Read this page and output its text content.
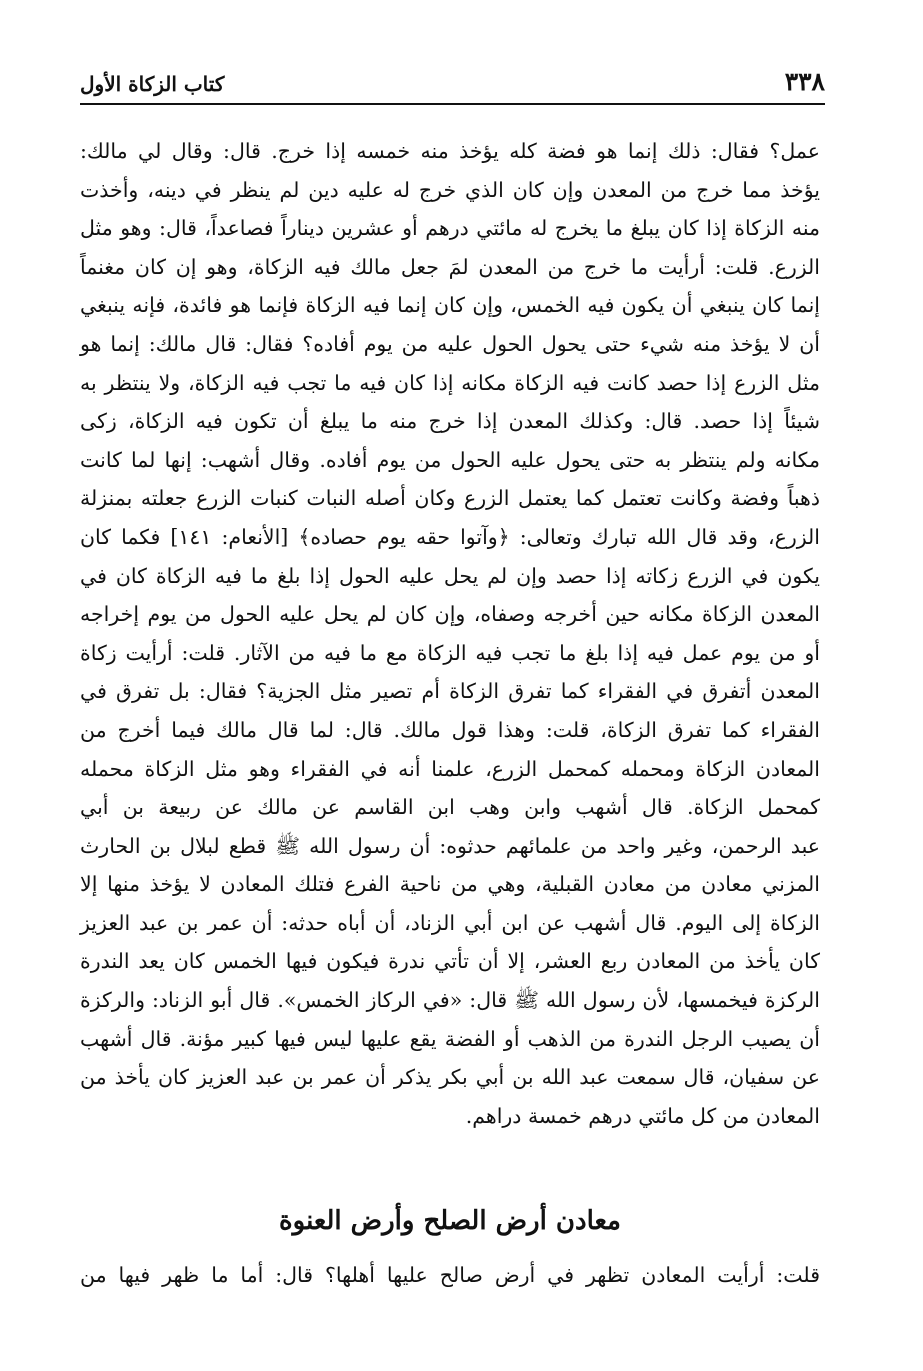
٣٣٨
كتاب الزكاة الأول
عمل؟ فقال: ذلك إنما هو فضة كله يؤخذ منه خمسه إذا خرج. قال: وقال لي مالك:
يؤخذ مما خرج من المعدن وإن كان الذي خرج له عليه دين لم ينظر في دينه، وأخذت
منه الزكاة إذا كان يبلغ ما يخرج له مائتي درهم أو عشرين ديناراً فصاعداً، قال: وهو مثل
الزرع. قلت: أرأيت ما خرج من المعدن لمَ جعل مالك فيه الزكاة، وهو إن كان مغنماً
إنما كان ينبغي أن يكون فيه الخمس، وإن كان إنما فيه الزكاة فإنما هو فائدة، فإنه ينبغي
أن لا يؤخذ منه شيء حتى يحول الحول عليه من يوم أفاده؟ فقال: قال مالك: إنما هو
مثل الزرع إذا حصد كانت فيه الزكاة مكانه إذا كان فيه ما تجب فيه الزكاة، ولا ينتظر به
شيئاً إذا حصد. قال: وكذلك المعدن إذا خرج منه ما يبلغ أن تكون فيه الزكاة، زكى
مكانه ولم ينتظر به حتى يحول عليه الحول من يوم أفاده. وقال أشهب: إنها لما كانت
ذهباً وفضة وكانت تعتمل كما يعتمل الزرع وكان أصله النبات كنبات الزرع جعلته بمنزلة
الزرع، وقد قال الله تبارك وتعالى: ﴿وآتوا حقه يوم حصاده﴾ [الأنعام: ١٤١] فكما كان
يكون في الزرع زكاته إذا حصد وإن لم يحل عليه الحول إذا بلغ ما فيه الزكاة كان في
المعدن الزكاة مكانه حين أخرجه وصفاه، وإن كان لم يحل عليه الحول من يوم إخراجه
أو من يوم عمل فيه إذا بلغ ما تجب فيه الزكاة مع ما فيه من الآثار. قلت: أرأيت زكاة
المعدن أتفرق في الفقراء كما تفرق الزكاة أم تصير مثل الجزية؟ فقال: بل تفرق في
الفقراء كما تفرق الزكاة، قلت: وهذا قول مالك. قال: لما قال مالك فيما أخرج من
المعادن الزكاة ومحمله كمحمل الزرع، علمنا أنه في الفقراء وهو مثل الزكاة محمله
كمحمل الزكاة. قال أشهب وابن وهب ابن القاسم عن مالك عن ربيعة بن أبي
عبد الرحمن، وغير واحد من علمائهم حدثوه: أن رسول الله ﷺ قطع لبلال بن الحارث
المزني معادن من معادن القبلية، وهي من ناحية الفرع فتلك المعادن لا يؤخذ منها إلا
الزكاة إلى اليوم. قال أشهب عن ابن أبي الزناد، أن أباه حدثه: أن عمر بن عبد العزيز
كان يأخذ من المعادن ربع العشر، إلا أن تأتي ندرة فيكون فيها الخمس كان يعد الندرة
الركزة فيخمسها، لأن رسول الله ﷺ قال: «في الركاز الخمس». قال أبو الزناد: والركزة
أن يصيب الرجل الندرة من الذهب أو الفضة يقع عليها ليس فيها كبير مؤنة. قال أشهب
عن سفيان، قال سمعت عبد الله بن أبي بكر يذكر أن عمر بن عبد العزيز كان يأخذ من
المعادن من كل مائتي درهم خمسة دراهم.
معادن أرض الصلح وأرض العنوة
قلت: أرأيت المعادن تظهر في أرض صالح عليها أهلها؟ قال: أما ما ظهر فيها من
